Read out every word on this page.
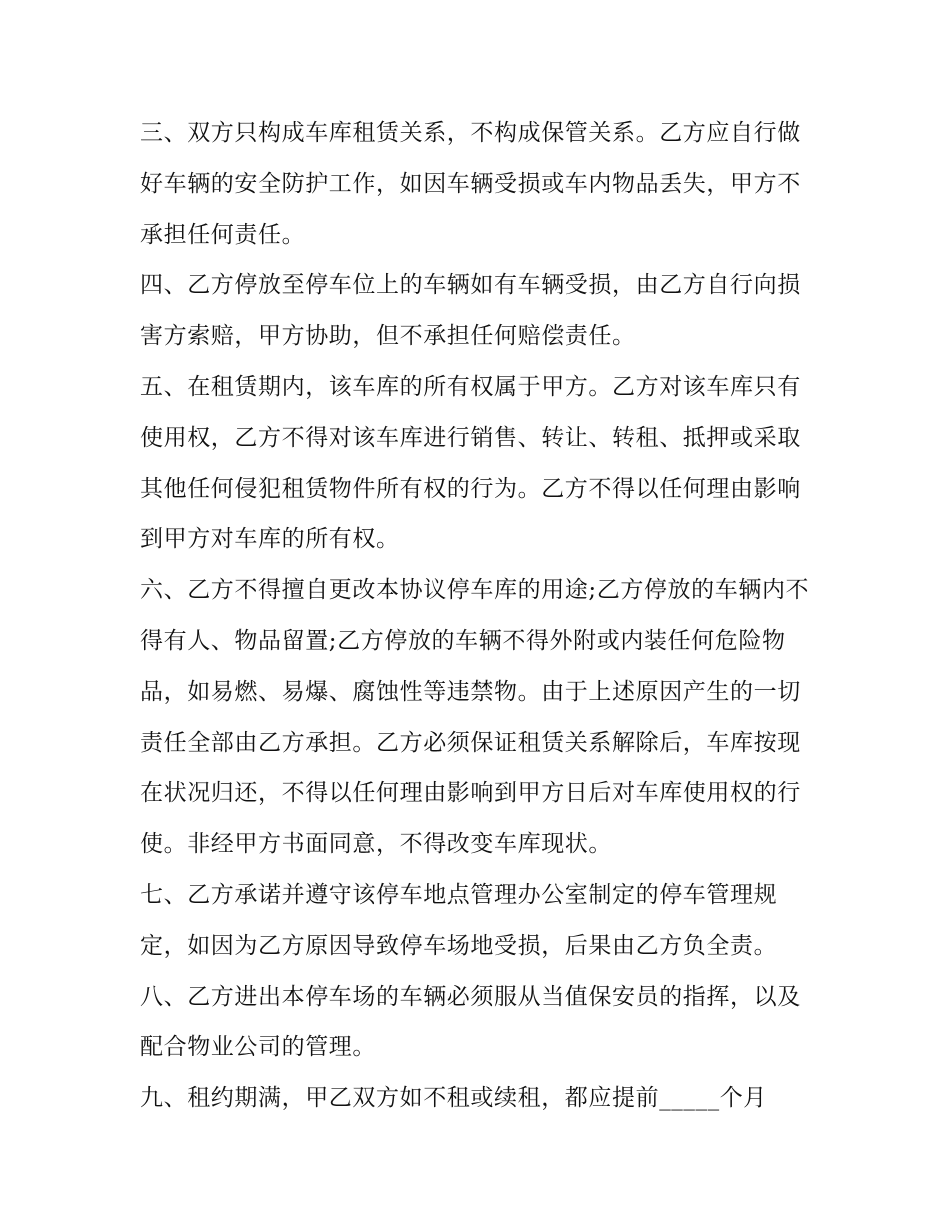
三、双方只构成车库租赁关系，不构成保管关系。乙方应自行做好车辆的安全防护工作，如因车辆受损或车内物品丢失，甲方不承担任何责任。

四、乙方停放至停车位上的车辆如有车辆受损，由乙方自行向损害方索赔，甲方协助，但不承担任何赔偿责任。

五、在租赁期内，该车库的所有权属于甲方。乙方对该车库只有使用权，乙方不得对该车库进行销售、转让、转租、抵押或采取其他任何侵犯租赁物件所有权的行为。乙方不得以任何理由影响到甲方对车库的所有权。

六、乙方不得擅自更改本协议停车库的用途;乙方停放的车辆内不得有人、物品留置;乙方停放的车辆不得外附或内装任何危险物品，如易燃、易爆、腐蚀性等违禁物。由于上述原因产生的一切责任全部由乙方承担。乙方必须保证租赁关系解除后，车库按现在状况归还，不得以任何理由影响到甲方日后对车库使用权的行使。非经甲方书面同意，不得改变车库现状。

七、乙方承诺并遵守该停车地点管理办公室制定的停车管理规定，如因为乙方原因导致停车场地受损，后果由乙方负全责。

八、乙方进出本停车场的车辆必须服从当值保安员的指挥，以及配合物业公司的管理。

九、租约期满，甲乙双方如不租或续租，都应提前_____个月
